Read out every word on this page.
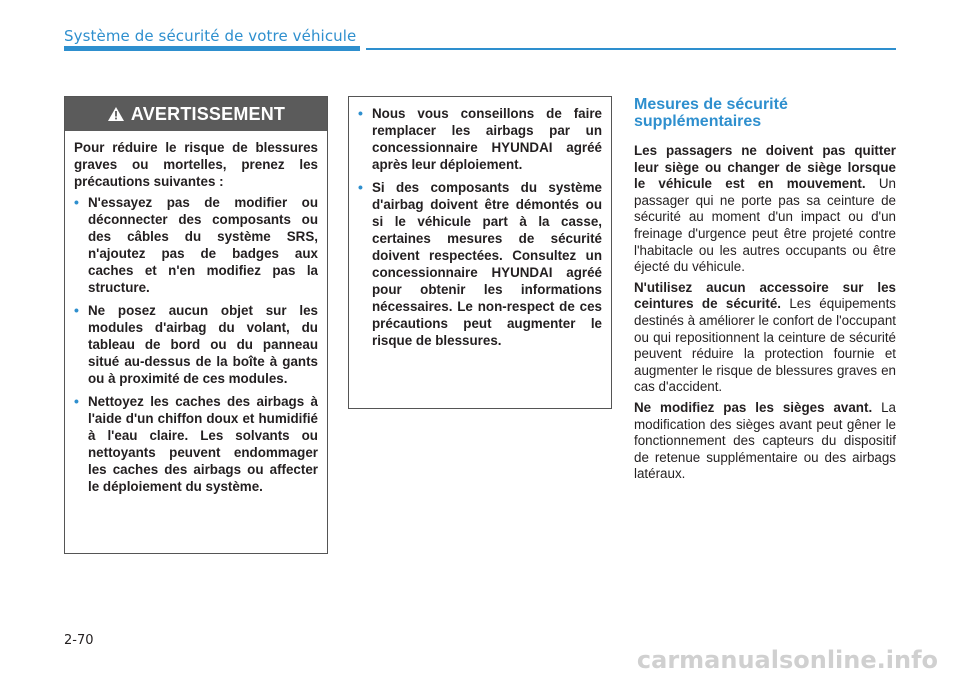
Système de sécurité de votre véhicule
AVERTISSEMENT

Pour réduire le risque de blessures graves ou mortelles, prenez les précautions suivantes :

• N'essayez pas de modifier ou déconnecter des composants ou des câbles du système SRS, n'ajoutez pas de badges aux caches et n'en modifiez pas la structure.
• Ne posez aucun objet sur les modules d'airbag du volant, du tableau de bord ou du panneau situé au-dessus de la boîte à gants ou à proximité de ces modules.
• Nettoyez les caches des airbags à l'aide d'un chiffon doux et humidifié à l'eau claire. Les solvants ou nettoyants peuvent endommager les caches des airbags ou affecter le déploiement du système.
• Nous vous conseillons de faire remplacer les airbags par un concessionnaire HYUNDAI agréé après leur déploiement.
• Si des composants du système d'airbag doivent être démontés ou si le véhicule part à la casse, certaines mesures de sécurité doivent respectées. Consultez un concessionnaire HYUNDAI agréé pour obtenir les informations nécessaires. Le non-respect de ces précautions peut augmenter le risque de blessures.
Mesures de sécurité supplémentaires

Les passagers ne doivent pas quitter leur siège ou changer de siège lorsque le véhicule est en mouvement. Un passager qui ne porte pas sa ceinture de sécurité au moment d'un impact ou d'un freinage d'urgence peut être projeté contre l'habitacle ou les autres occupants ou être éjecté du véhicule.

N'utilisez aucun accessoire sur les ceintures de sécurité. Les équipements destinés à améliorer le confort de l'occupant ou qui repositionnent la ceinture de sécurité peuvent réduire la protection fournie et augmenter le risque de blessures graves en cas d'accident.

Ne modifiez pas les sièges avant. La modification des sièges avant peut gêner le fonctionnement des capteurs du dispositif de retenue supplémentaire ou des airbags latéraux.

2-70
carmanualsonline.info
